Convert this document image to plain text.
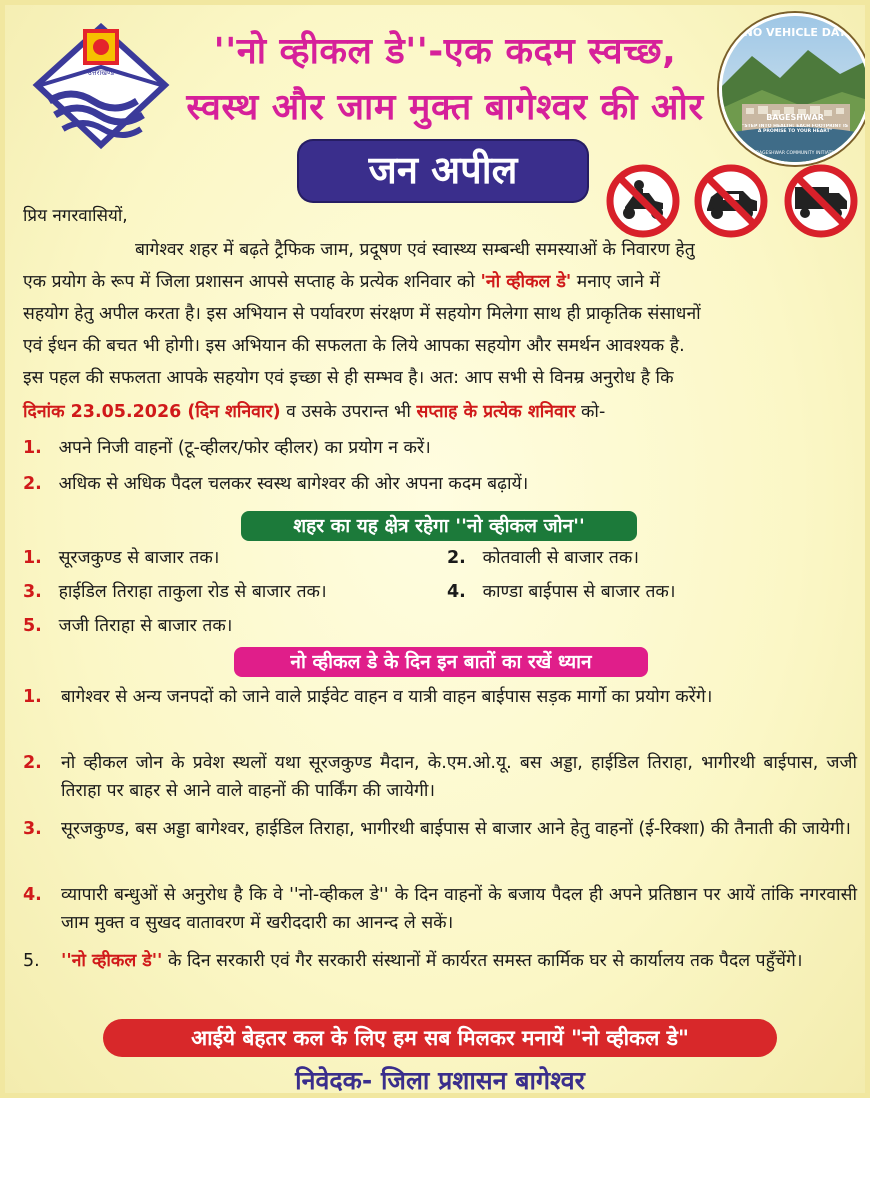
उत्तराखण्ड
''नो व्हीकल डे''-एक कदम स्वच्छ,
स्वस्थ और जाम मुक्त बागेश्वर की ओर
NO VEHICLE DAY
BAGESHWAR
"STEP INTO HEALTH: EACH FOOTPRINT IS A PROMISE TO YOUR HEART"
A BAGESHWAR COMMUNITY INITIATIVE
जन अपील
प्रिय नगरवासियों,
बागेश्वर शहर में बढ़ते ट्रैफिक जाम, प्रदूषण एवं स्वास्थ्य सम्बन्धी समस्याओं के निवारण हेतु
एक प्रयोग के रूप में जिला प्रशासन आपसे सप्ताह के प्रत्येक शनिवार को 'नो व्हीकल डे' मनाए जाने में
सहयोग हेतु अपील करता है। इस अभियान से पर्यावरण संरक्षण में सहयोग मिलेगा साथ ही प्राकृतिक संसाधनों
एवं ईधन की बचत भी होगी। इस अभियान की सफलता के लिये आपका सहयोग और समर्थन आवश्यक है.
इस पहल की सफलता आपके सहयोग एवं इच्छा से ही सम्भव है। अत: आप सभी से विनम्र अनुरोध है कि
दिनांक 23.05.2026 (दिन शनिवार) व उसके उपरान्त भी सप्ताह के प्रत्येक शनिवार को-
1. अपने निजी वाहनों (टू-व्हीलर/फोर व्हीलर) का प्रयोग न करें।
2. अधिक से अधिक पैदल चलकर स्वस्थ बागेश्वर की ओर अपना कदम बढ़ायें।
शहर का यह क्षेत्र रहेगा ''नो व्हीकल जोन''
1. सूरजकुण्ड से बाजार तक।	2. कोतवाली से बाजार तक।
3. हाईडिल तिराहा ताकुला रोड से बाजार तक।	4. काण्डा बाईपास से बाजार तक।
5. जजी तिराहा से बाजार तक।
नो व्हीकल डे के दिन इन बातों का रखें ध्यान
1.	बागेश्वर से अन्य जनपदों को जाने वाले प्राईवेट वाहन व यात्री वाहन बाईपास सड़क मार्गो का प्रयोग करेंगे।
2.	नो व्हीकल जोन के प्रवेश स्थलों यथा सूरजकुण्ड मैदान, के.एम.ओ.यू. बस अड्डा, हाईडिल तिराहा, भागीरथी बाईपास, जजी तिराहा पर बाहर से आने वाले वाहनों की पार्किंग की जायेगी।
3.	सूरजकुण्ड, बस अड्डा बागेश्वर, हाईडिल तिराहा, भागीरथी बाईपास से बाजार आने हेतु वाहनों (ई-रिक्शा) की तैनाती की जायेगी।
4.	व्यापारी बन्धुओं से अनुरोध है कि वे ''नो-व्हीकल डे'' के दिन वाहनों के बजाय पैदल ही अपने प्रतिष्ठान पर आयें तांकि नगरवासी जाम मुक्त व सुखद वातावरण में खरीददारी का आनन्द ले सकें।
5.	''नो व्हीकल डे'' के दिन सरकारी एवं गैर सरकारी संस्थानों में कार्यरत समस्त कार्मिक घर से कार्यालय तक पैदल पहुँचेंगे।
आईये बेहतर कल के लिए हम सब मिलकर मनायें "नो व्हीकल डे"
निवेदक- जिला प्रशासन बागेश्वर
